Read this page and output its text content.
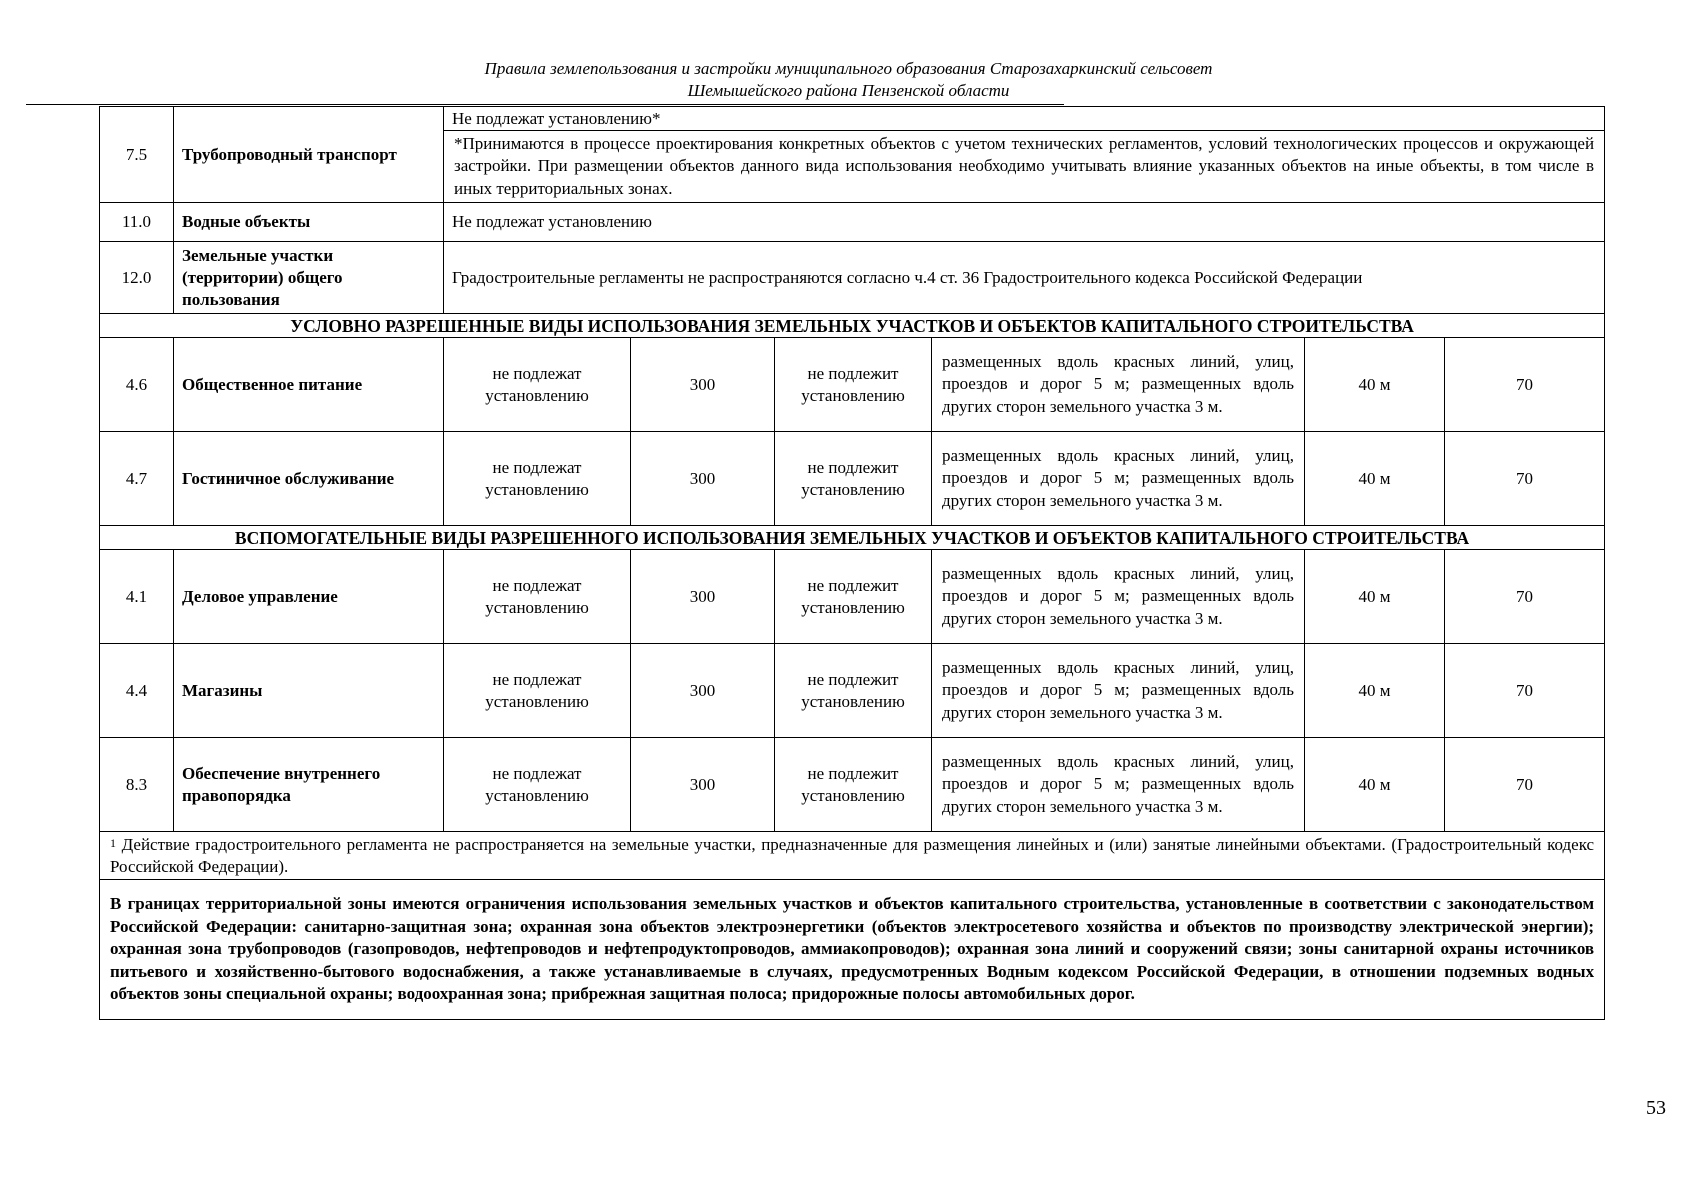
Правила землепользования и застройки муниципального образования Старозахаркинский сельсовет
Шемышейского района Пензенской области
7.5	Трубопроводный транспорт	Не подлежат установлению*					
		*Принимаются в процессе проектирования конкретных объектов с учетом технических регламентов, условий технологических процессов и окружающей застройки. При размещении объектов данного вида использования необходимо учитывать влияние указанных объектов на иные объекты, в том числе в иных территориальных зонах.					
11.0	Водные объекты	Не подлежат установлению					
12.0	Земельные участки (территории) общего пользования	Градостроительные регламенты не распространяются согласно ч.4 ст. 36 Градостроительного кодекса Российской Федерации					
УСЛОВНО РАЗРЕШЕННЫЕ ВИДЫ ИСПОЛЬЗОВАНИЯ ЗЕМЕЛЬНЫХ УЧАСТКОВ И ОБЪЕКТОВ КАПИТАЛЬНОГО СТРОИТЕЛЬСТВА							
4.6	Общественное питание	не подлежат установлению	300	не подлежит установлению	размещенных вдоль красных линий, улиц, проездов и дорог 5 м; размещенных вдоль других сторон земельного участка 3 м.	40 м	70
4.7	Гостиничное обслуживание	не подлежат установлению	300	не подлежит установлению	размещенных вдоль красных линий, улиц, проездов и дорог 5 м; размещенных вдоль других сторон земельного участка 3 м.	40 м	70
ВСПОМОГАТЕЛЬНЫЕ ВИДЫ РАЗРЕШЕННОГО ИСПОЛЬЗОВАНИЯ ЗЕМЕЛЬНЫХ УЧАСТКОВ И ОБЪЕКТОВ КАПИТАЛЬНОГО СТРОИТЕЛЬСТВА							
4.1	Деловое управление	не подлежат установлению	300	не подлежит установлению	размещенных вдоль красных линий, улиц, проездов и дорог 5 м; размещенных вдоль других сторон земельного участка 3 м.	40 м	70
4.4	Магазины	не подлежат установлению	300	не подлежит установлению	размещенных вдоль красных линий, улиц, проездов и дорог 5 м; размещенных вдоль других сторон земельного участка 3 м.	40 м	70
8.3	Обеспечение внутреннего правопорядка	не подлежат установлению	300	не подлежит установлению	размещенных вдоль красных линий, улиц, проездов и дорог 5 м; размещенных вдоль других сторон земельного участка 3 м.	40 м	70
$^1$ Действие градостроительного регламента не распространяется на земельные участки, предназначенные для размещения линейных и (или) занятые линейными объектами. (Градостроительный кодекс Российской Федерации).							
В границах территориальной зоны имеются ограничения использования земельных участков и объектов капитального строительства, установленные в соответствии с законодательством Российской Федерации: санитарно-защитная зона; охранная зона объектов электроэнергетики (объектов электросетевого хозяйства и объектов по производству электрической энергии); охранная зона трубопроводов (газопроводов, нефтепроводов и нефтепродуктопроводов, аммиакопроводов); охранная зона линий и сооружений связи; зоны санитарной охраны источников питьевого и хозяйственно-бытового водоснабжения, а также устанавливаемые в случаях, предусмотренных Водным кодексом Российской Федерации, в отношении подземных водных объектов зоны специальной охраны; водоохранная зона; прибрежная защитная полоса; придорожные полосы автомобильных дорог.							
53
